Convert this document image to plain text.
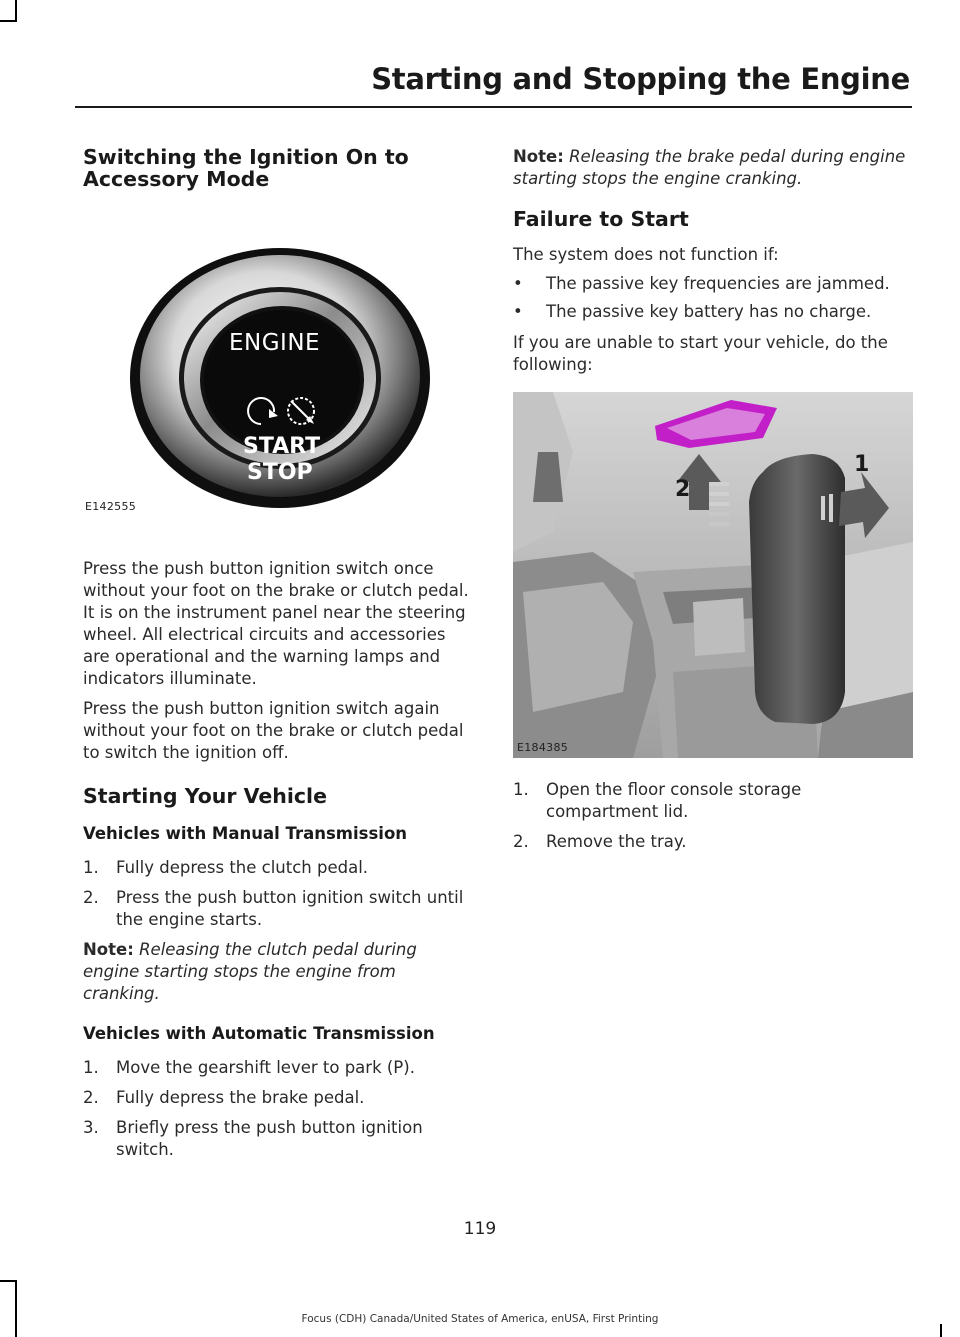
Starting and Stopping the Engine
Switching the Ignition On to Accessory Mode
ENGINE
START
STOP
E142555

Press the push button ignition switch once without your foot on the brake or clutch pedal. It is on the instrument panel near the steering wheel. All electrical circuits and accessories are operational and the warning lamps and indicators illuminate.

Press the push button ignition switch again without your foot on the brake or clutch pedal to switch the ignition off.

Starting Your Vehicle
Vehicles with Manual Transmission
1. Fully depress the clutch pedal.
2. Press the push button ignition switch until the engine starts.

Note: Releasing the clutch pedal during engine starting stops the engine from cranking.

Vehicles with Automatic Transmission
1. Move the gearshift lever to park (P).
2. Fully depress the brake pedal.
3. Briefly press the push button ignition switch.

Note: Releasing the brake pedal during engine starting stops the engine cranking.

Failure to Start

The system does not function if:

• The passive key frequencies are jammed.
• The passive key battery has no charge.

If you are unable to start your vehicle, do the following:

1
2
E184385
1. Open the floor console storage compartment lid.
2. Remove the tray.
119
Focus (CDH) Canada/United States of America, enUSA, First Printing
